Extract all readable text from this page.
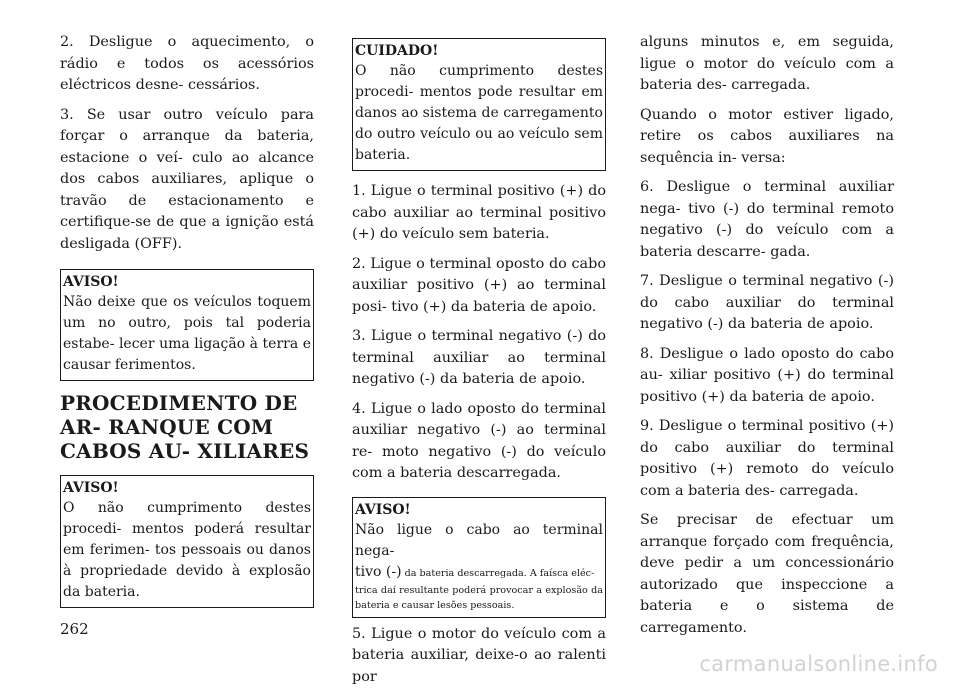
2. Desligue o aquecimento, o rádio e todos os acessórios eléctricos desne- cessários.

3. Se usar outro veículo para forçar o arranque da bateria, estacione o veí- culo ao alcance dos cabos auxiliares, aplique o travão de estacionamento e certifique-se de que a ignição está desligada (OFF).

AVISO!

Não deixe que os veículos toquem um no outro, pois tal poderia estabe- lecer uma ligação à terra e causar ferimentos.

PROCEDIMENTO DE AR- RANQUE COM CABOS AU- XILIARES
AVISO!

O não cumprimento destes procedi- mentos poderá resultar em ferimen- tos pessoais ou danos à propriedade devido à explosão da bateria.

CUIDADO!

O não cumprimento destes procedi- mentos pode resultar em danos ao sistema de carregamento do outro veículo ou ao veículo sem bateria.

1. Ligue o terminal positivo (+) do cabo auxiliar ao terminal positivo (+) do veículo sem bateria.

2. Ligue o terminal oposto do cabo auxiliar positivo (+) ao terminal posi- tivo (+) da bateria de apoio.

3. Ligue o terminal negativo (-) do terminal auxiliar ao terminal negativo (-) da bateria de apoio.

4. Ligue o lado oposto do terminal auxiliar negativo (-) ao terminal re- moto negativo (-) do veículo com a bateria descarregada.

AVISO!

Não ligue o cabo ao terminal nega-

tivo (-) da bateria descarregada. A faísca eléc-

trica daí resultante poderá provocar a explosão da bateria e causar lesões pessoais.

5. Ligue o motor do veículo com a bateria auxiliar, deixe-o ao ralenti por

alguns minutos e, em seguida, ligue o motor do veículo com a bateria des- carregada.

Quando o motor estiver ligado, retire os cabos auxiliares na sequência in- versa:

6. Desligue o terminal auxiliar nega- tivo (-) do terminal remoto negativo (-) do veículo com a bateria descarre- gada.

7. Desligue o terminal negativo (-) do cabo auxiliar do terminal negativo (-) da bateria de apoio.

8. Desligue o lado oposto do cabo au- xiliar positivo (+) do terminal positivo (+) da bateria de apoio.

9. Desligue o terminal positivo (+) do cabo auxiliar do terminal positivo (+) remoto do veículo com a bateria des- carregada.

Se precisar de efectuar um arranque forçado com frequência, deve pedir a um concessionário autorizado que inspeccione a bateria e o sistema de carregamento.

262
carmanualsonline.info
